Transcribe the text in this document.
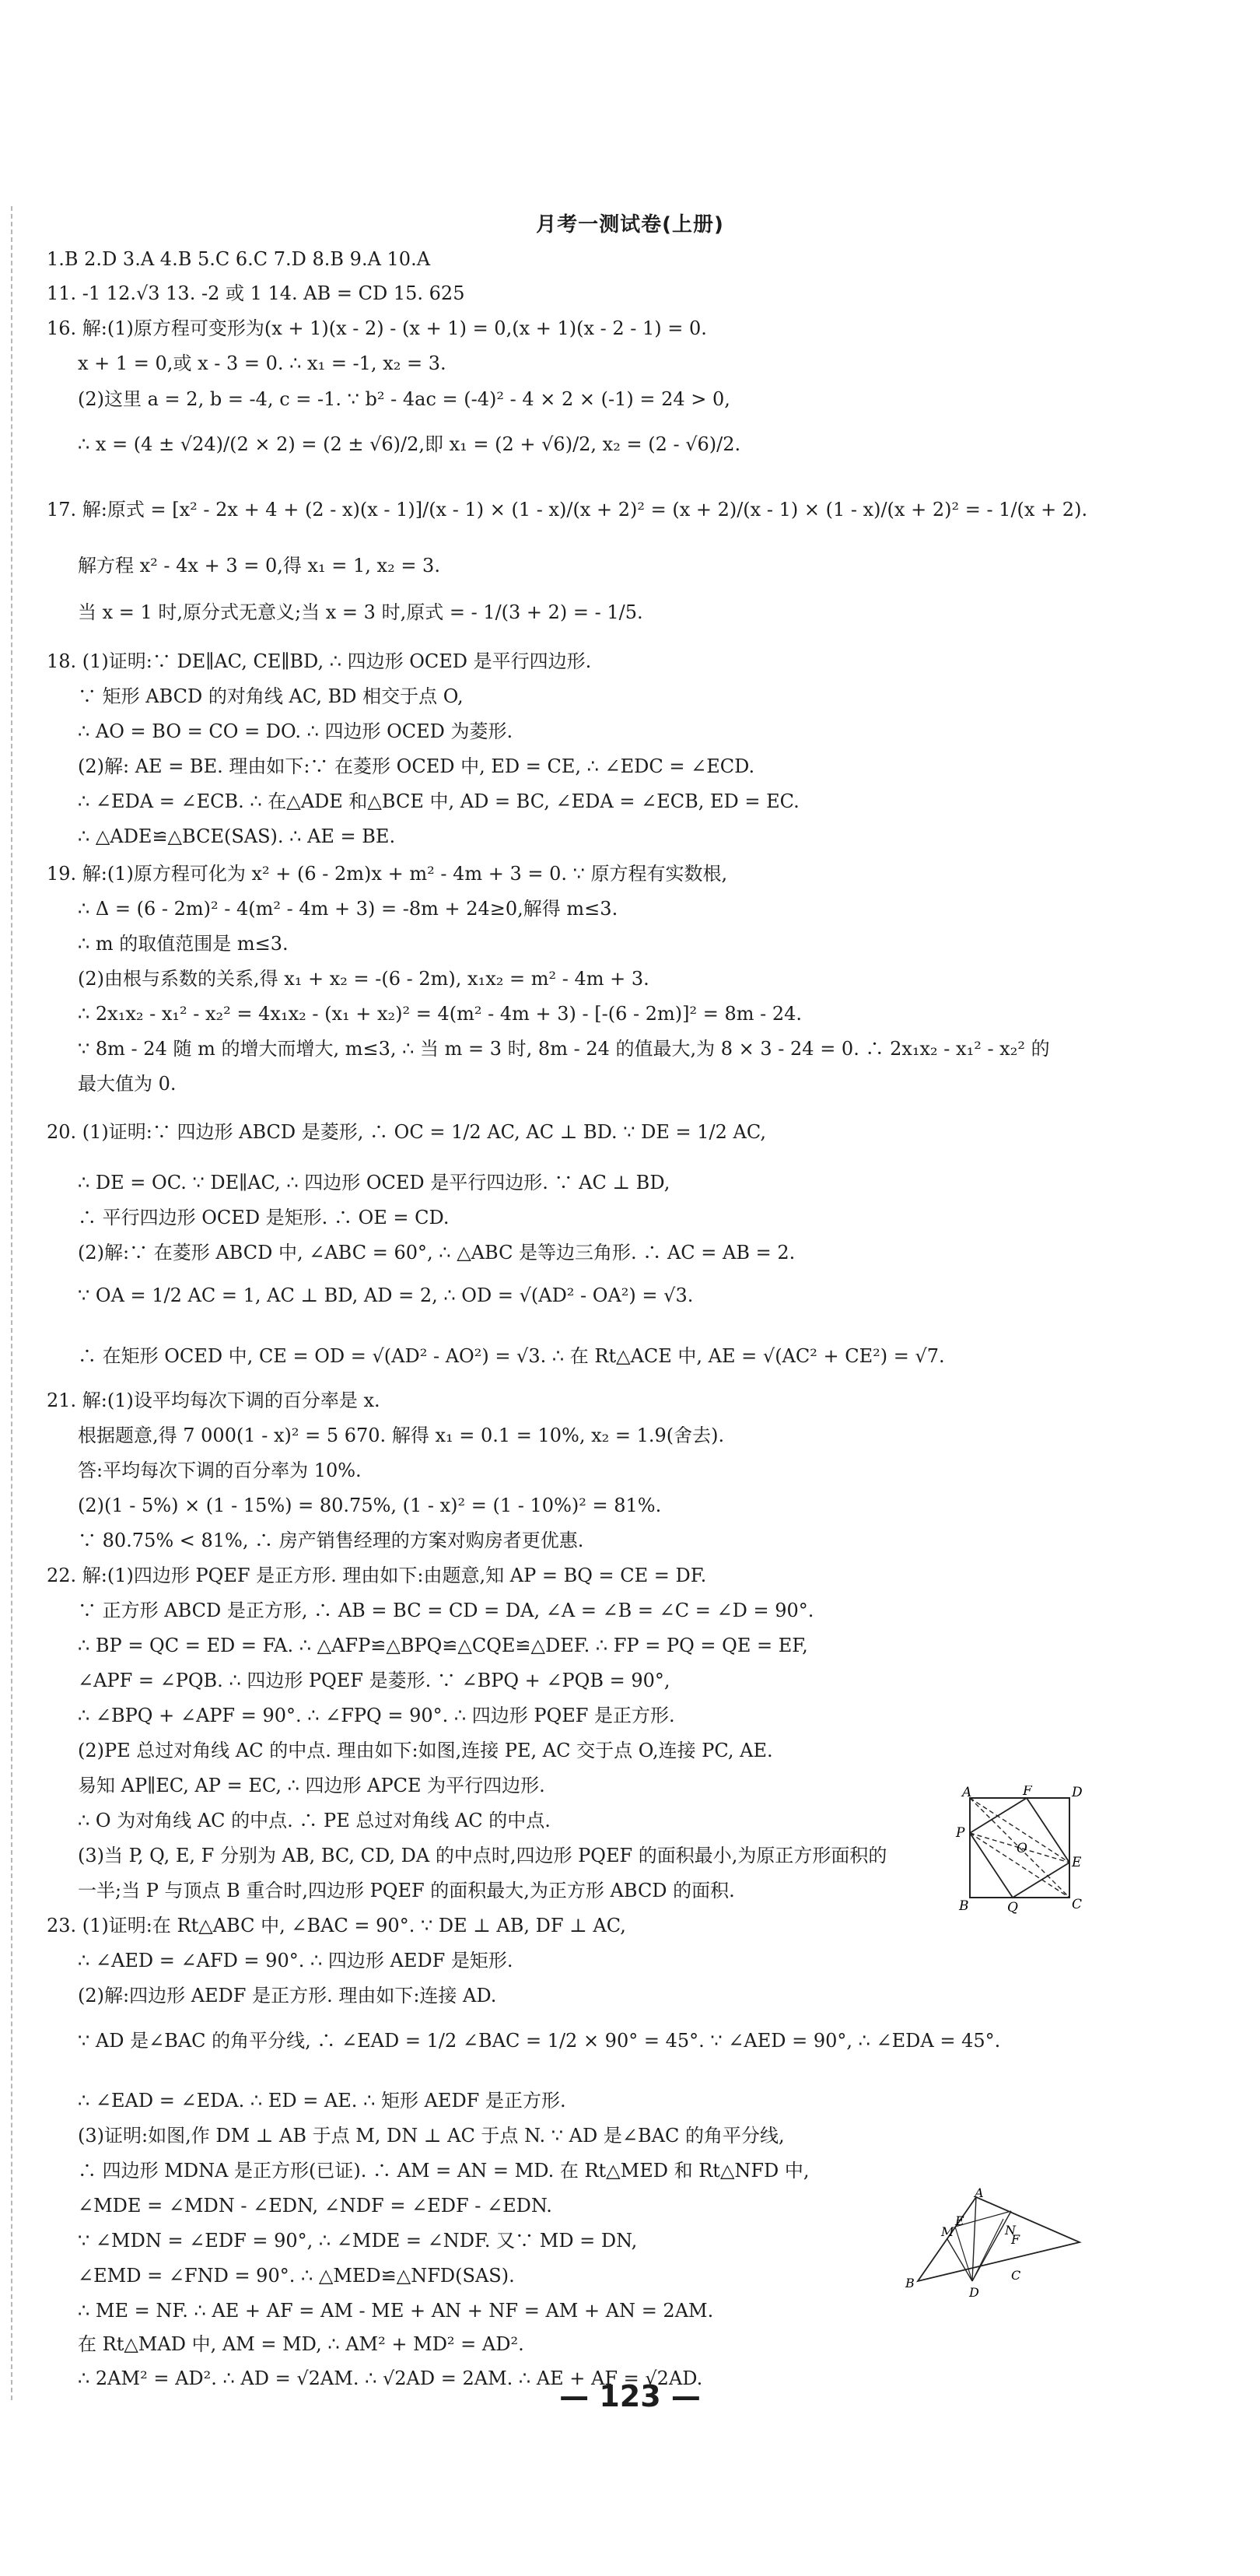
月考一测试卷(上册)
1.B 2.D 3.A 4.B 5.C 6.C 7.D 8.B 9.A 10.A
11. -1 12.√3 13. -2 或 1 14. AB = CD 15. 625
16. 解:(1)原方程可变形为(x + 1)(x - 2) - (x + 1) = 0,(x + 1)(x - 2 - 1) = 0.
x + 1 = 0,或 x - 3 = 0. ∴ x₁ = -1, x₂ = 3.
(2)这里 a = 2, b = -4, c = -1. ∵ b² - 4ac = (-4)² - 4 × 2 × (-1) = 24 > 0,
∴ x = (4 ± √24)/(2 × 2) = (2 ± √6)/2,即 x₁ = (2 + √6)/2, x₂ = (2 - √6)/2.
17. 解:原式 = [x² - 2x + 4 + (2 - x)(x - 1)]/(x - 1) × (1 - x)/(x + 2)² = (x + 2)/(x - 1) × (1 - x)/(x + 2)² = - 1/(x + 2).
解方程 x² - 4x + 3 = 0,得 x₁ = 1, x₂ = 3.
当 x = 1 时,原分式无意义;当 x = 3 时,原式 = - 1/(3 + 2) = - 1/5.
18. (1)证明:∵ DE∥AC, CE∥BD, ∴ 四边形 OCED 是平行四边形.
∵ 矩形 ABCD 的对角线 AC, BD 相交于点 O,
∴ AO = BO = CO = DO. ∴ 四边形 OCED 为菱形.
(2)解: AE = BE. 理由如下:∵ 在菱形 OCED 中, ED = CE, ∴ ∠EDC = ∠ECD.
∴ ∠EDA = ∠ECB. ∴ 在△ADE 和△BCE 中, AD = BC, ∠EDA = ∠ECB, ED = EC.
∴ △ADE≌△BCE(SAS). ∴ AE = BE.
19. 解:(1)原方程可化为 x² + (6 - 2m)x + m² - 4m + 3 = 0. ∵ 原方程有实数根,
∴ Δ = (6 - 2m)² - 4(m² - 4m + 3) = -8m + 24≥0,解得 m≤3.
∴ m 的取值范围是 m≤3.
(2)由根与系数的关系,得 x₁ + x₂ = -(6 - 2m), x₁x₂ = m² - 4m + 3.
∴ 2x₁x₂ - x₁² - x₂² = 4x₁x₂ - (x₁ + x₂)² = 4(m² - 4m + 3) - [-(6 - 2m)]² = 8m - 24.
∵ 8m - 24 随 m 的增大而增大, m≤3, ∴ 当 m = 3 时, 8m - 24 的值最大,为 8 × 3 - 24 = 0. ∴ 2x₁x₂ - x₁² - x₂² 的
最大值为 0.
20. (1)证明:∵ 四边形 ABCD 是菱形, ∴ OC = 1/2 AC, AC ⊥ BD. ∵ DE = 1/2 AC,
∴ DE = OC. ∵ DE∥AC, ∴ 四边形 OCED 是平行四边形. ∵ AC ⊥ BD,
∴ 平行四边形 OCED 是矩形. ∴ OE = CD.
(2)解:∵ 在菱形 ABCD 中, ∠ABC = 60°, ∴ △ABC 是等边三角形. ∴ AC = AB = 2.
∵ OA = 1/2 AC = 1, AC ⊥ BD, AD = 2, ∴ OD = √(AD² - OA²) = √3.
∴ 在矩形 OCED 中, CE = OD = √(AD² - AO²) = √3. ∴ 在 Rt△ACE 中, AE = √(AC² + CE²) = √7.
21. 解:(1)设平均每次下调的百分率是 x.
根据题意,得 7 000(1 - x)² = 5 670. 解得 x₁ = 0.1 = 10%, x₂ = 1.9(舍去).
答:平均每次下调的百分率为 10%.
(2)(1 - 5%) × (1 - 15%) = 80.75%, (1 - x)² = (1 - 10%)² = 81%.
∵ 80.75% < 81%, ∴ 房产销售经理的方案对购房者更优惠.
22. 解:(1)四边形 PQEF 是正方形. 理由如下:由题意,知 AP = BQ = CE = DF.
∵ 正方形 ABCD 是正方形, ∴ AB = BC = CD = DA, ∠A = ∠B = ∠C = ∠D = 90°.
∴ BP = QC = ED = FA. ∴ △AFP≌△BPQ≌△CQE≌△DEF. ∴ FP = PQ = QE = EF,
∠APF = ∠PQB. ∴ 四边形 PQEF 是菱形. ∵ ∠BPQ + ∠PQB = 90°,
∴ ∠BPQ + ∠APF = 90°. ∴ ∠FPQ = 90°. ∴ 四边形 PQEF 是正方形.
(2)PE 总过对角线 AC 的中点. 理由如下:如图,连接 PE, AC 交于点 O,连接 PC, AE.
易知 AP∥EC, AP = EC, ∴ 四边形 APCE 为平行四边形.
∴ O 为对角线 AC 的中点. ∴ PE 总过对角线 AC 的中点.
(3)当 P, Q, E, F 分别为 AB, BC, CD, DA 的中点时,四边形 PQEF 的面积最小,为原正方形面积的
一半;当 P 与顶点 B 重合时,四边形 PQEF 的面积最大,为正方形 ABCD 的面积.
23. (1)证明:在 Rt△ABC 中, ∠BAC = 90°. ∵ DE ⊥ AB, DF ⊥ AC,
∴ ∠AED = ∠AFD = 90°. ∴ 四边形 AEDF 是矩形.
(2)解:四边形 AEDF 是正方形. 理由如下:连接 AD.
∵ AD 是∠BAC 的角平分线, ∴ ∠EAD = 1/2 ∠BAC = 1/2 × 90° = 45°. ∵ ∠AED = 90°, ∴ ∠EDA = 45°.
∴ ∠EAD = ∠EDA. ∴ ED = AE. ∴ 矩形 AEDF 是正方形.
(3)证明:如图,作 DM ⊥ AB 于点 M, DN ⊥ AC 于点 N. ∵ AD 是∠BAC 的角平分线,
∴ 四边形 MDNA 是正方形(已证). ∴ AM = AN = MD. 在 Rt△MED 和 Rt△NFD 中,
∠MDE = ∠MDN - ∠EDN, ∠NDF = ∠EDF - ∠EDN.
∵ ∠MDN = ∠EDF = 90°, ∴ ∠MDE = ∠NDF. 又∵ MD = DN,
∠EMD = ∠FND = 90°. ∴ △MED≌△NFD(SAS).
∴ ME = NF. ∴ AE + AF = AM - ME + AN + NF = AM + AN = 2AM.
在 Rt△MAD 中, AM = MD, ∴ AM² + MD² = AD².
∴ 2AM² = AD². ∴ AD = √2AM. ∴ √2AD = 2AM. ∴ AE + AF = √2AD.
A	F	D
P
O
E
B	Q	C
A
M
E
N
F
B
D
C
— 123 —
